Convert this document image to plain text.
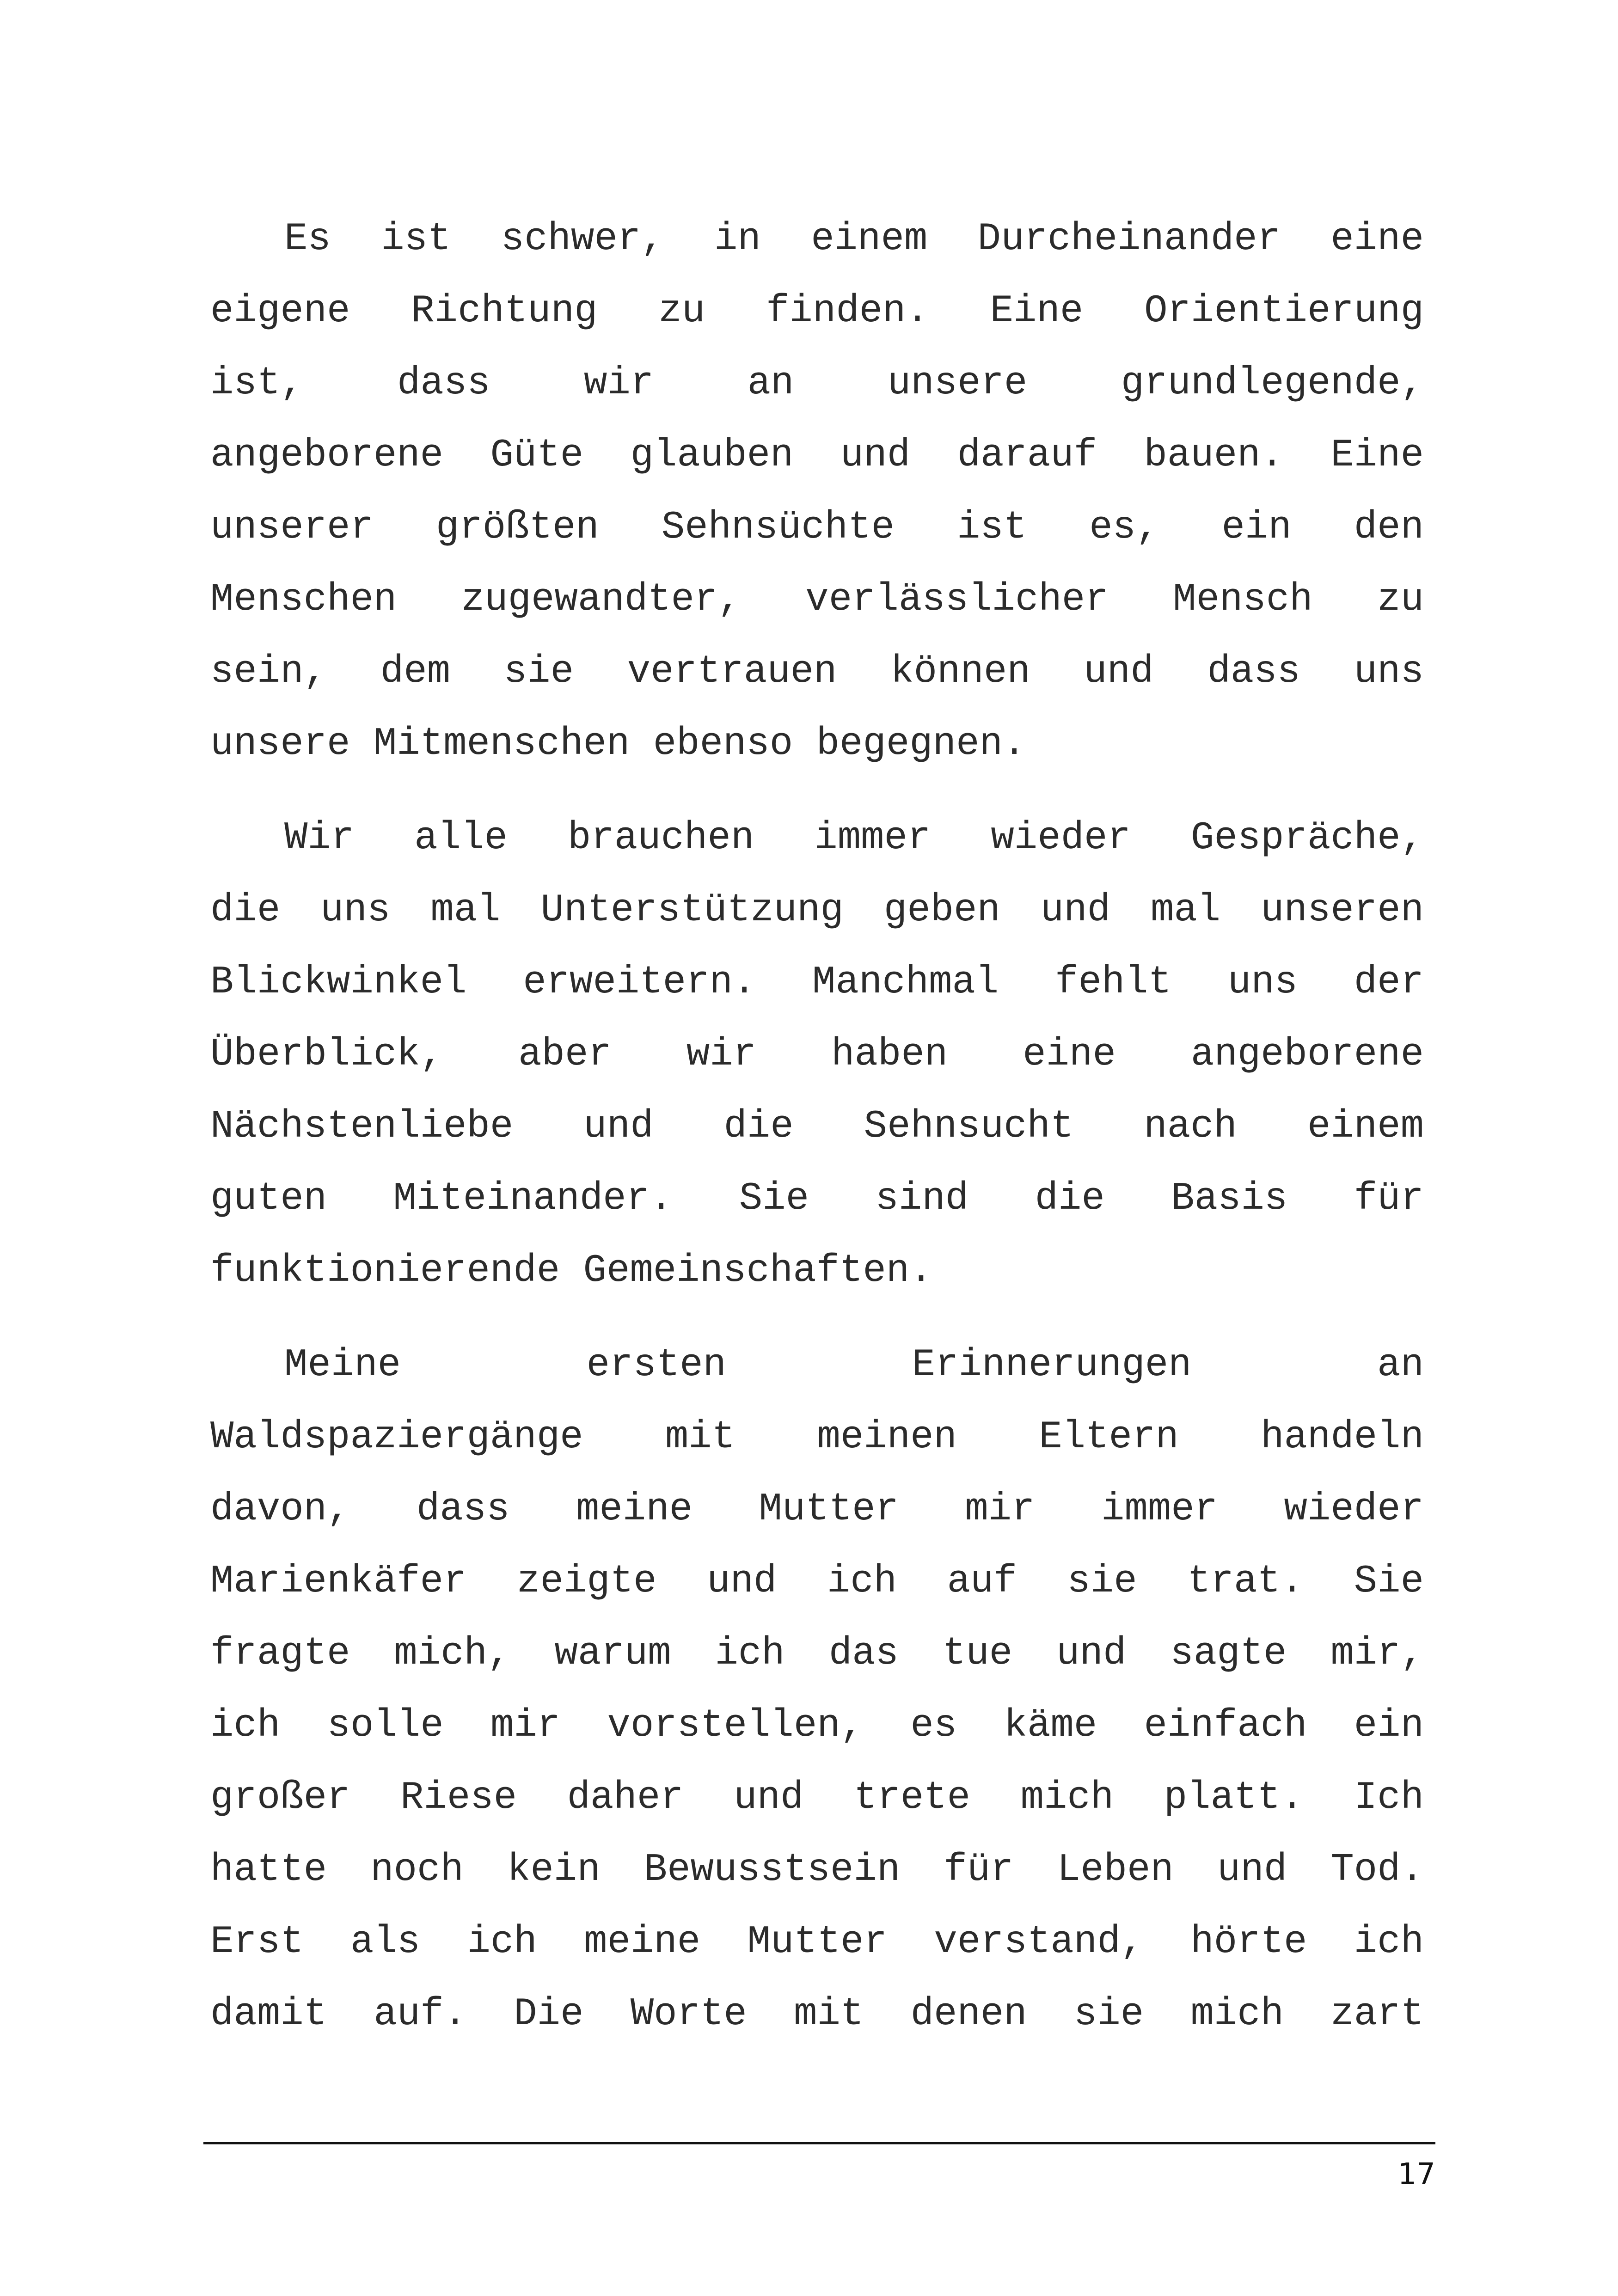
Es ist schwer, in einem Durcheinander eine
eigene Richtung zu finden. Eine Orientierung
ist, dass wir an unsere grundlegende,
angeborene Güte glauben und darauf bauen. Eine
unserer größten Sehnsüchte ist es, ein den
Menschen zugewandter, verlässlicher Mensch zu
sein, dem sie vertrauen können und dass uns
unsere Mitmenschen ebenso begegnen.

Wir alle brauchen immer wieder Gespräche,
die uns mal Unterstützung geben und mal unseren
Blickwinkel erweitern. Manchmal fehlt uns der
Überblick, aber wir haben eine angeborene
Nächstenliebe und die Sehnsucht nach einem
guten Miteinander. Sie sind die Basis für
funktionierende Gemeinschaften.

Meine ersten Erinnerungen an
Waldspaziergänge mit meinen Eltern handeln
davon, dass meine Mutter mir immer wieder
Marienkäfer zeigte und ich auf sie trat. Sie
fragte mich, warum ich das tue und sagte mir,
ich solle mir vorstellen, es käme einfach ein
großer Riese daher und trete mich platt. Ich
hatte noch kein Bewusstsein für Leben und Tod.
Erst als ich meine Mutter verstand, hörte ich
damit auf. Die Worte mit denen sie mich zart

17
